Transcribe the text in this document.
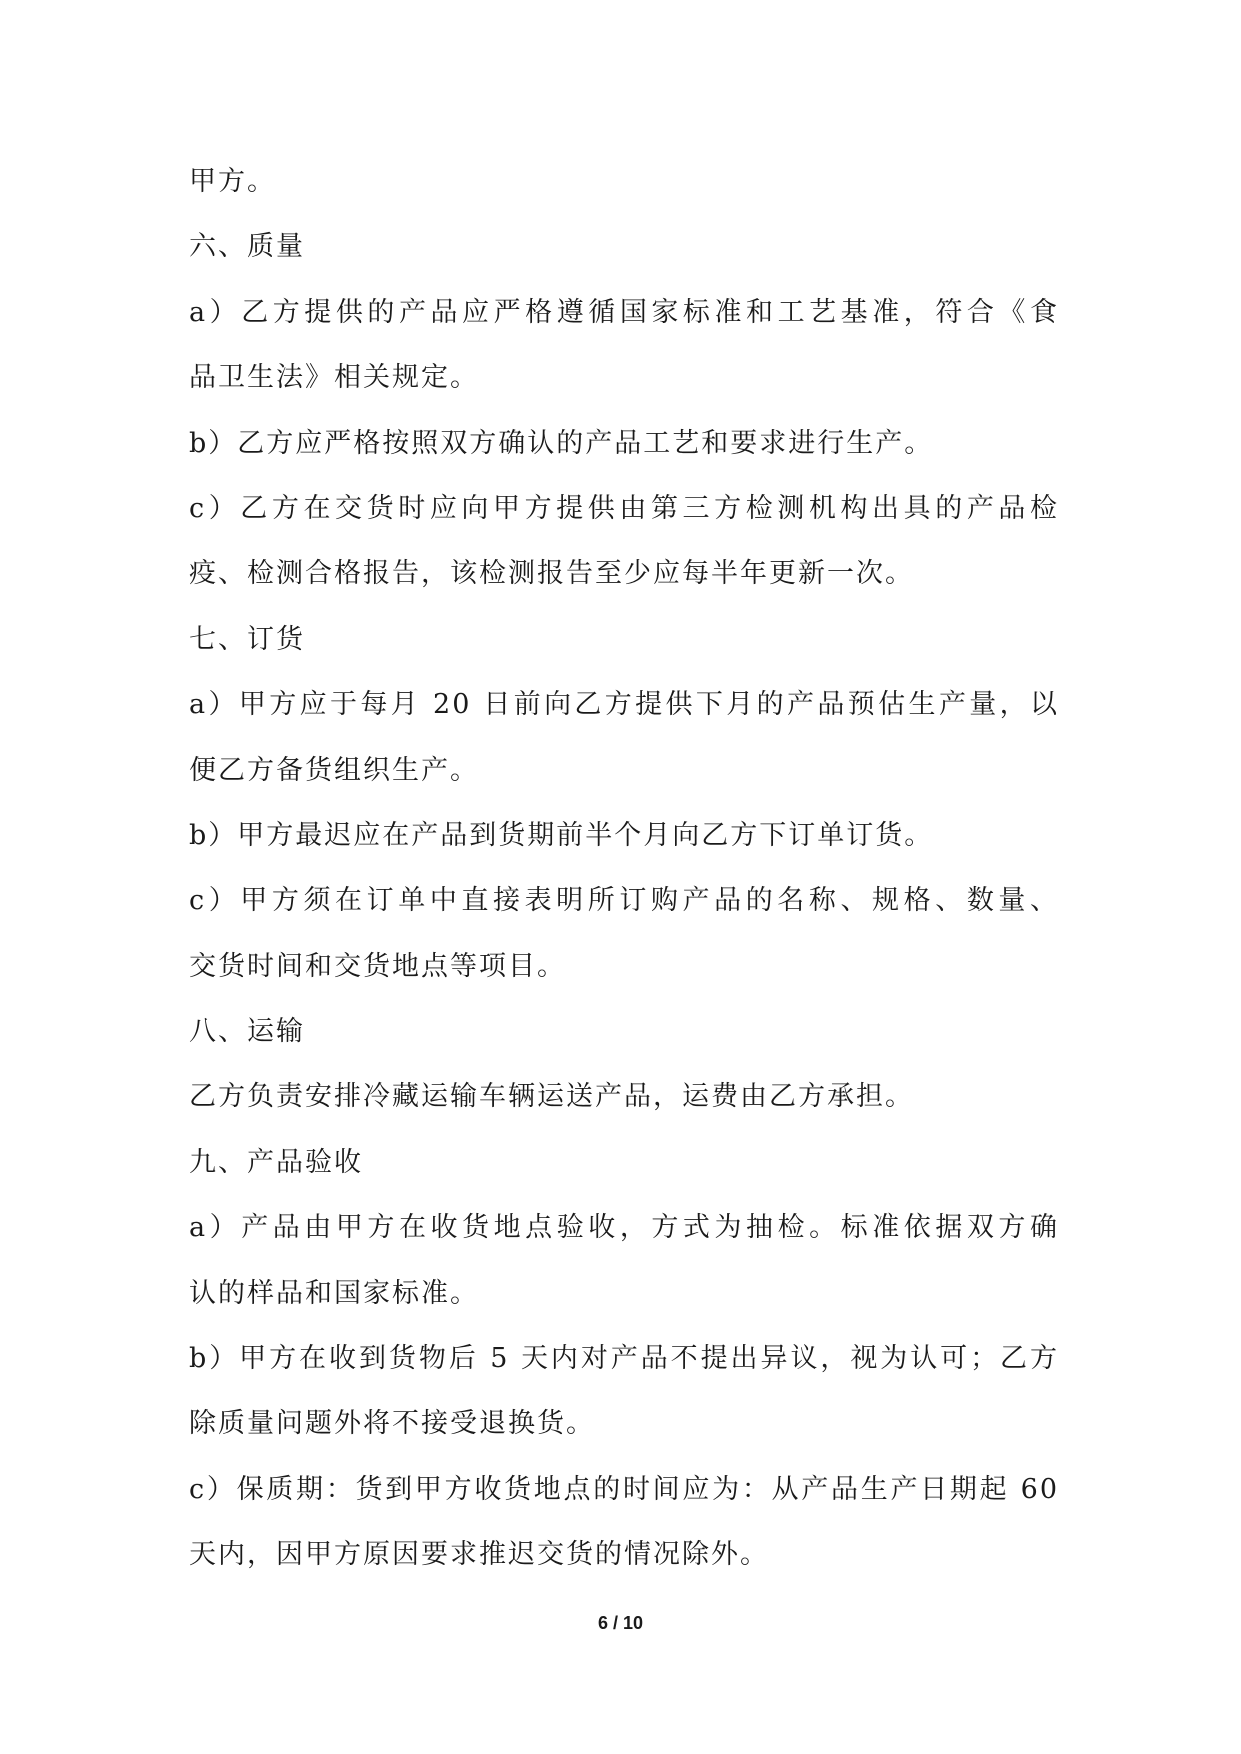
甲方。
六、质量
a）乙方提供的产品应严格遵循国家标准和工艺基准，符合《食
品卫生法》相关规定。
b）乙方应严格按照双方确认的产品工艺和要求进行生产。
c）乙方在交货时应向甲方提供由第三方检测机构出具的产品检
疫、检测合格报告，该检测报告至少应每半年更新一次。
七、订货
a）甲方应于每月 20 日前向乙方提供下月的产品预估生产量，以
便乙方备货组织生产。
b）甲方最迟应在产品到货期前半个月向乙方下订单订货。
c）甲方须在订单中直接表明所订购产品的名称、规格、数量、
交货时间和交货地点等项目。
八、运输
乙方负责安排冷藏运输车辆运送产品，运费由乙方承担。
九、产品验收
a）产品由甲方在收货地点验收，方式为抽检。标准依据双方确
认的样品和国家标准。
b）甲方在收到货物后 5 天内对产品不提出异议，视为认可；乙方
除质量问题外将不接受退换货。
c）保质期：货到甲方收货地点的时间应为：从产品生产日期起 60
天内，因甲方原因要求推迟交货的情况除外。
6 / 10
